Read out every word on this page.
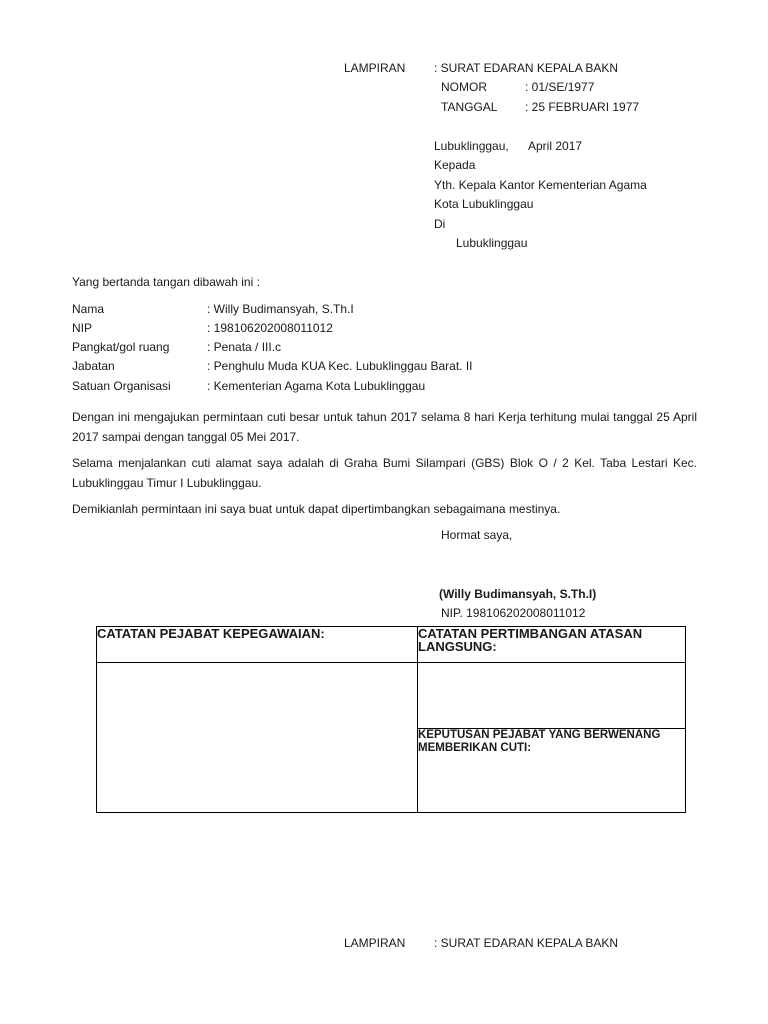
LAMPIRAN : SURAT EDARAN KEPALA BAKN
NOMOR	: 01/SE/1977
TANGGAL : 25 FEBRUARI 1977
Lubuklinggau, April 2017
Kepada
Yth. Kepala Kantor Kementerian Agama
Kota Lubuklinggau
Di
Lubuklinggau
Yang bertanda tangan dibawah ini :
Nama	: Willy Budimansyah, S.Th.I
NIP	: 198106202008011012
Pangkat/gol ruang	: Penata / III.c
Jabatan	: Penghulu Muda KUA Kec. Lubuklinggau Barat. II
Satuan Organisasi	: Kementerian Agama Kota Lubuklinggau
Dengan ini mengajukan permintaan cuti besar untuk tahun 2017 selama 8 hari Kerja terhitung mulai tanggal 25 April 2017 sampai dengan tanggal 05 Mei 2017.
Selama menjalankan cuti alamat saya adalah di Graha Bumi Silampari (GBS) Blok O / 2 Kel. Taba Lestari Kec. Lubuklinggau Timur I Lubuklinggau.
Demikianlah permintaan ini saya buat untuk dapat dipertimbangkan sebagaimana mestinya.
Hormat saya,
(Willy Budimansyah, S.Th.I)
NIP. 198106202008011012
CATATAN PEJABAT KEPEGAWAIAN:	CATATAN PERTIMBANGAN ATASAN
LANGSUNG:

	KEPUTUSAN PEJABAT YANG BERWENANG
MEMBERIKAN CUTI:
LAMPIRAN : SURAT EDARAN KEPALA BAKN
